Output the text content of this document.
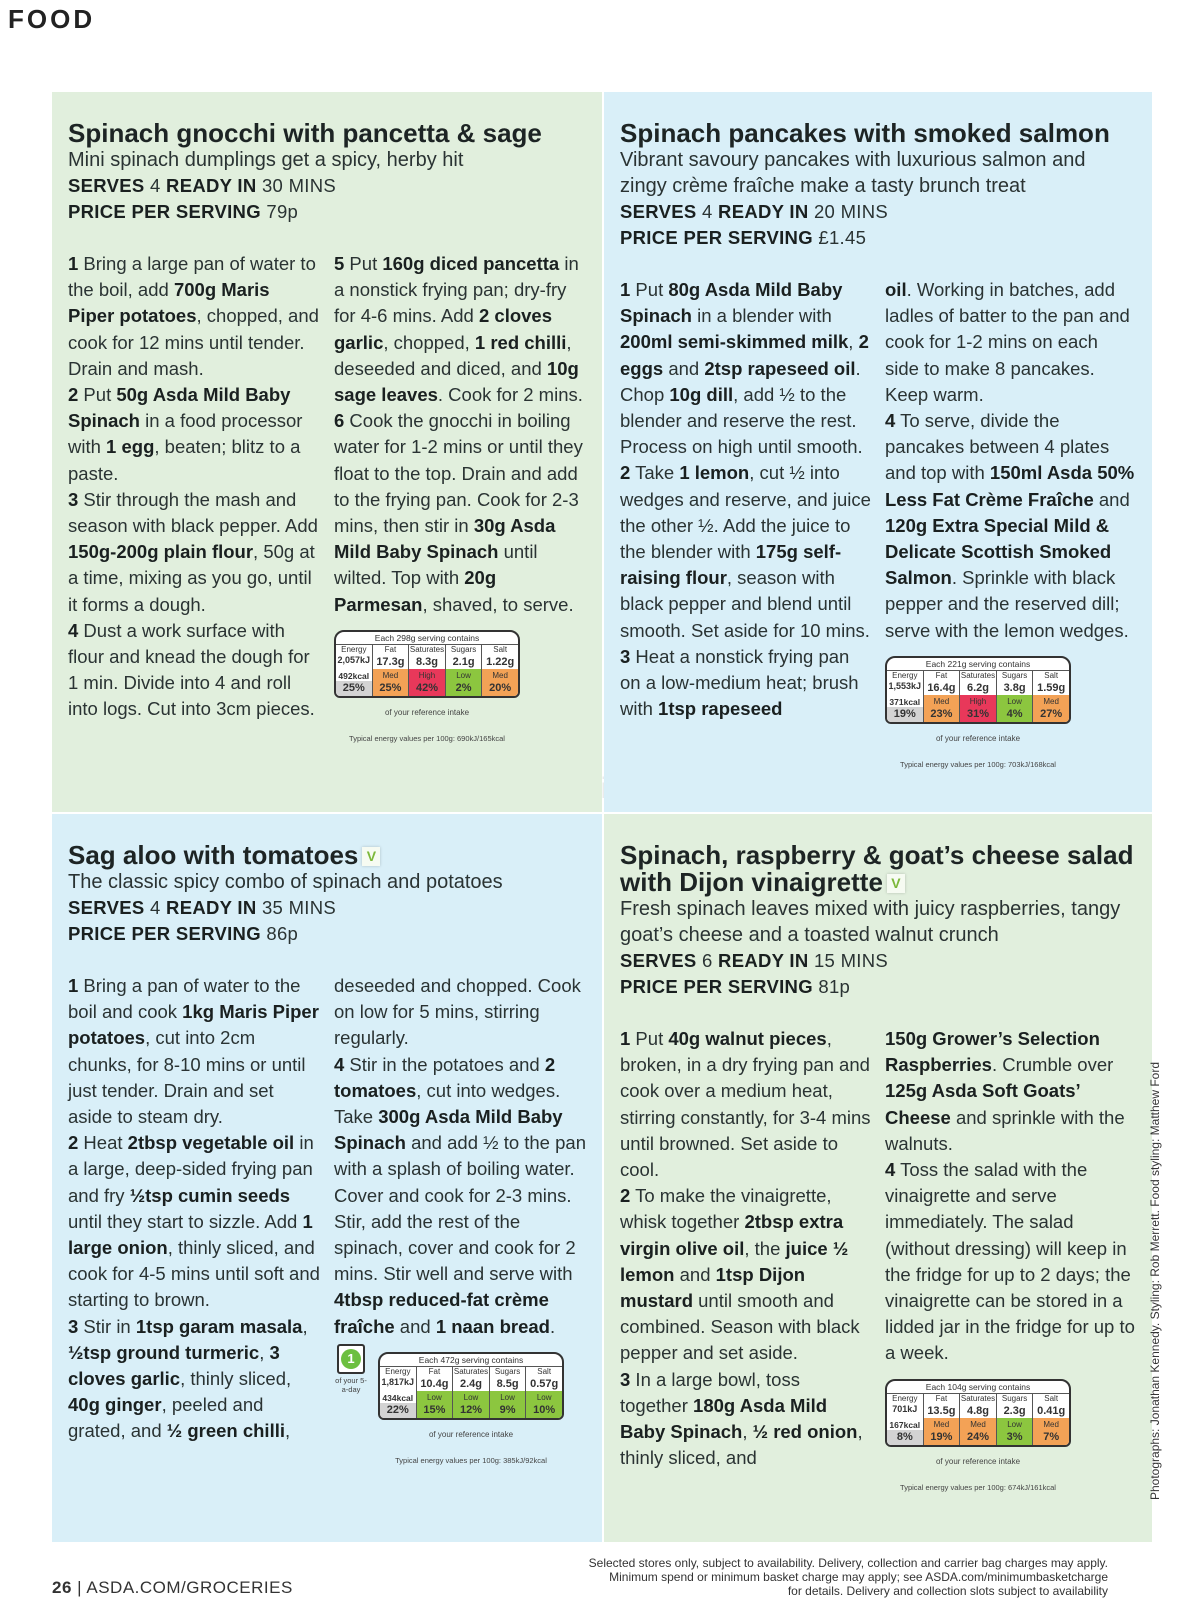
FOOD
Spinach gnocchi with pancetta & sage
Mini spinach dumplings get a spicy, herby hit
SERVES 4 READY IN 30 MINS
PRICE PER SERVING 79p
1 Bring a large pan of water to the boil, add 700g Maris Piper potatoes, chopped, and cook for 12 mins until tender. Drain and mash.
2 Put 50g Asda Mild Baby Spinach in a food processor with 1 egg, beaten; blitz to a paste.
3 Stir through the mash and season with black pepper. Add 150g-200g plain flour, 50g at a time, mixing as you go, until it forms a dough.
4 Dust a work surface with flour and knead the dough for 1 min. Divide into 4 and roll into logs. Cut into 3cm pieces.
5 Put 160g diced pancetta in a nonstick frying pan; dry-fry for 4-6 mins. Add 2 cloves garlic, chopped, 1 red chilli, deseeded and diced, and 10g sage leaves. Cook for 2 mins.
6 Cook the gnocchi in boiling water for 1-2 mins or until they float to the top. Drain and add to the frying pan. Cook for 2-3 mins, then stir in 30g Asda Mild Baby Spinach until wilted. Top with 20g Parmesan, shaved, to serve.
Each 298g serving contains
Energy
2,057kJ
492kcal
25%
Fat
17.3g
Med
25%
Saturates
8.3g
High
42%
Sugars
2.1g
Low
2%
Salt
1.22g
Med
20%
of your reference intake
Typical energy values per 100g: 690kJ/165kcal
Spinach pancakes with smoked salmon
Vibrant savoury pancakes with luxurious salmon and zingy crème fraîche make a tasty brunch treat
SERVES 4 READY IN 20 MINS
PRICE PER SERVING £1.45
1 Put 80g Asda Mild Baby Spinach in a blender with 200ml semi-skimmed milk, 2 eggs and 2tsp rapeseed oil. Chop 10g dill, add ½ to the blender and reserve the rest. Process on high until smooth.
2 Take 1 lemon, cut ½ into wedges and reserve, and juice the other ½. Add the juice to the blender with 175g self-raising flour, season with black pepper and blend until smooth. Set aside for 10 mins.
3 Heat a nonstick frying pan on a low-medium heat; brush with 1tsp rapeseed
oil. Working in batches, add ladles of batter to the pan and cook for 1-2 mins on each side to make 8 pancakes. Keep warm.
4 To serve, divide the pancakes between 4 plates and top with 150ml Asda 50% Less Fat Crème Fraîche and 120g Extra Special Mild & Delicate Scottish Smoked Salmon. Sprinkle with black pepper and the reserved dill; serve with the lemon wedges.
Each 221g serving contains
Energy
1,553kJ
371kcal
19%
Fat
16.4g
Med
23%
Saturates
6.2g
High
31%
Sugars
3.8g
Low
4%
Salt
1.59g
Med
27%
of your reference intake
Typical energy values per 100g: 703kJ/168kcal
Sag aloo with tomatoes V
The classic spicy combo of spinach and potatoes
SERVES 4 READY IN 35 MINS
PRICE PER SERVING 86p
1 Bring a pan of water to the boil and cook 1kg Maris Piper potatoes, cut into 2cm chunks, for 8-10 mins or until just tender. Drain and set aside to steam dry.
2 Heat 2tbsp vegetable oil in a large, deep-sided frying pan and fry ½tsp cumin seeds until they start to sizzle. Add 1 large onion, thinly sliced, and cook for 4-5 mins until soft and starting to brown.
3 Stir in 1tsp garam masala, ½tsp ground turmeric, 3 cloves garlic, thinly sliced, 40g ginger, peeled and grated, and ½ green chilli,
deseeded and chopped. Cook on low for 5 mins, stirring regularly.
4 Stir in the potatoes and 2 tomatoes, cut into wedges. Take 300g Asda Mild Baby Spinach and add ½ to the pan with a splash of boiling water. Cover and cook for 2-3 mins. Stir, add the rest of the spinach, cover and cook for 2 mins. Stir well and serve with 4tbsp reduced-fat crème fraîche and 1 naan bread.
1
of your 5-a-day
Each 472g serving contains
Energy
1,817kJ
434kcal
22%
Fat
10.4g
Low
15%
Saturates
2.4g
Low
12%
Sugars
8.5g
Low
9%
Salt
0.57g
Low
10%
of your reference intake
Typical energy values per 100g: 385kJ/92kcal
Spinach, raspberry & goat’s cheese salad with Dijon vinaigrette V
Fresh spinach leaves mixed with juicy raspberries, tangy goat’s cheese and a toasted walnut crunch
SERVES 6 READY IN 15 MINS
PRICE PER SERVING 81p
1 Put 40g walnut pieces, broken, in a dry frying pan and cook over a medium heat, stirring constantly, for 3-4 mins until browned. Set aside to cool.
2 To make the vinaigrette, whisk together 2tbsp extra virgin olive oil, the juice ½ lemon and 1tsp Dijon mustard until smooth and combined. Season with black pepper and set aside.
3 In a large bowl, toss together 180g Asda Mild Baby Spinach, ½ red onion, thinly sliced, and
150g Grower’s Selection Raspberries. Crumble over 125g Asda Soft Goats’ Cheese and sprinkle with the walnuts.
4 Toss the salad with the vinaigrette and serve immediately. The salad (without dressing) will keep in the fridge for up to 2 days; the vinaigrette can be stored in a lidded jar in the fridge for up to a week.
Each 104g serving contains
Energy
701kJ
167kcal
8%
Fat
13.5g
Med
19%
Saturates
4.8g
Med
24%
Sugars
2.3g
Low
3%
Salt
0.41g
Med
7%
of your reference intake
Typical energy values per 100g: 674kJ/161kcal	Photographs: Jonathan Kennedy. Styling: Rob Merrett. Food styling: Matthew Ford
26 | ASDA.COM/GROCERIES
Selected stores only, subject to availability. Delivery, collection and carrier bag charges may apply.
Minimum spend or minimum basket charge may apply; see ASDA.com/minimumbasketcharge
for details. Delivery and collection slots subject to availability
